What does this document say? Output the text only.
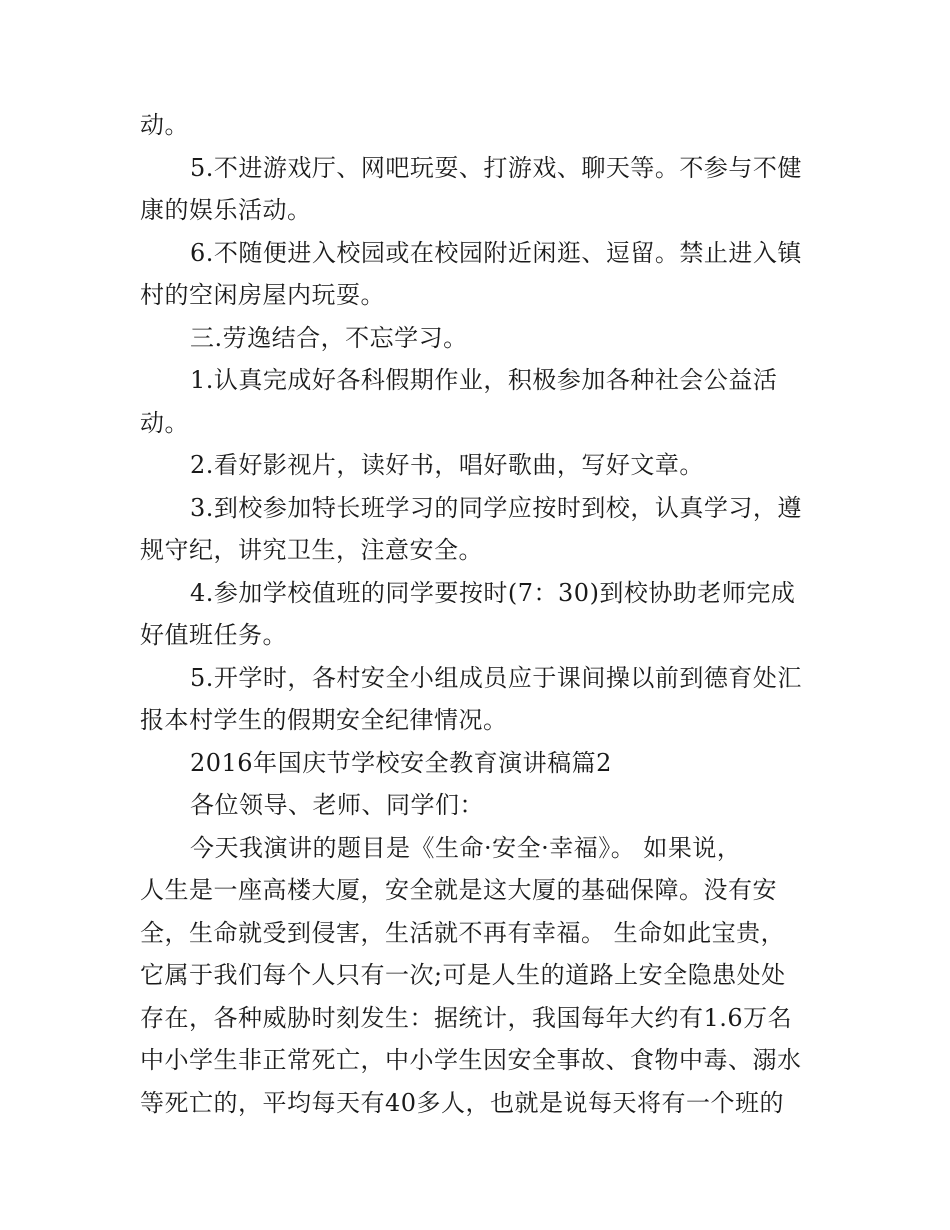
动。
5.不进游戏厅、网吧玩耍、打游戏、聊天等。不参与不健
康的娱乐活动。
6.不随便进入校园或在校园附近闲逛、逗留。禁止进入镇
村的空闲房屋内玩耍。
三.劳逸结合，不忘学习。
1.认真完成好各科假期作业，积极参加各种社会公益活
动。
2.看好影视片，读好书，唱好歌曲，写好文章。
3.到校参加特长班学习的同学应按时到校，认真学习，遵
规守纪，讲究卫生，注意安全。
4.参加学校值班的同学要按时(7：30)到校协助老师完成
好值班任务。
5.开学时，各村安全小组成员应于课间操以前到德育处汇
报本村学生的假期安全纪律情况。
2016年国庆节学校安全教育演讲稿篇2
各位领导、老师、同学们：
今天我演讲的题目是《生命·安全·幸福》。 如果说，
人生是一座高楼大厦，安全就是这大厦的基础保障。没有安
全，生命就受到侵害，生活就不再有幸福。 生命如此宝贵，
它属于我们每个人只有一次;可是人生的道路上安全隐患处处
存在，各种威胁时刻发生：据统计，我国每年大约有1.6万名
中小学生非正常死亡，中小学生因安全事故、食物中毒、溺水
等死亡的，平均每天有40多人，也就是说每天将有一个班的
